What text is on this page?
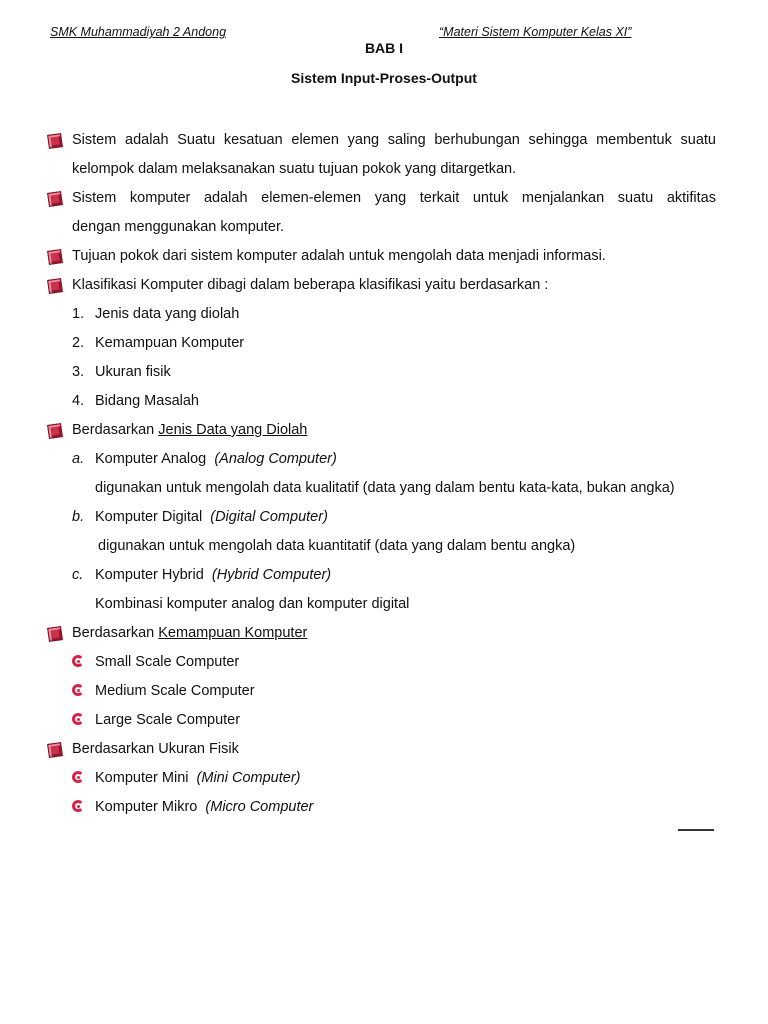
SMK Muhammadiyah 2 Andong	“Materi Sistem Komputer Kelas XI”
BAB I
Sistem Input-Proses-Output
Sistem adalah Suatu kesatuan elemen yang saling berhubungan sehingga membentuk suatu
kelompok dalam melaksanakan suatu tujuan pokok yang ditargetkan.
Sistem komputer adalah elemen-elemen yang terkait untuk menjalankan suatu aktifitas
dengan menggunakan komputer.
Tujuan pokok dari sistem komputer adalah untuk mengolah data menjadi informasi.
Klasifikasi Komputer dibagi dalam beberapa klasifikasi yaitu berdasarkan :
1. Jenis data yang diolah
2. Kemampuan Komputer
3. Ukuran fisik
4. Bidang Masalah
Berdasarkan Jenis Data yang Diolah
a. Komputer Analog (Analog Computer)
digunakan untuk mengolah data kualitatif (data yang dalam bentu kata-kata, bukan angka)
b. Komputer Digital (Digital Computer)
digunakan untuk mengolah data kuantitatif (data yang dalam bentu angka)
c. Komputer Hybrid (Hybrid Computer)
Kombinasi komputer analog dan komputer digital
Berdasarkan Kemampuan Komputer
Small Scale Computer
Medium Scale Computer
Large Scale Computer
Berdasarkan Ukuran Fisik
Komputer Mini (Mini Computer)
Komputer Mikro (Micro Computer
